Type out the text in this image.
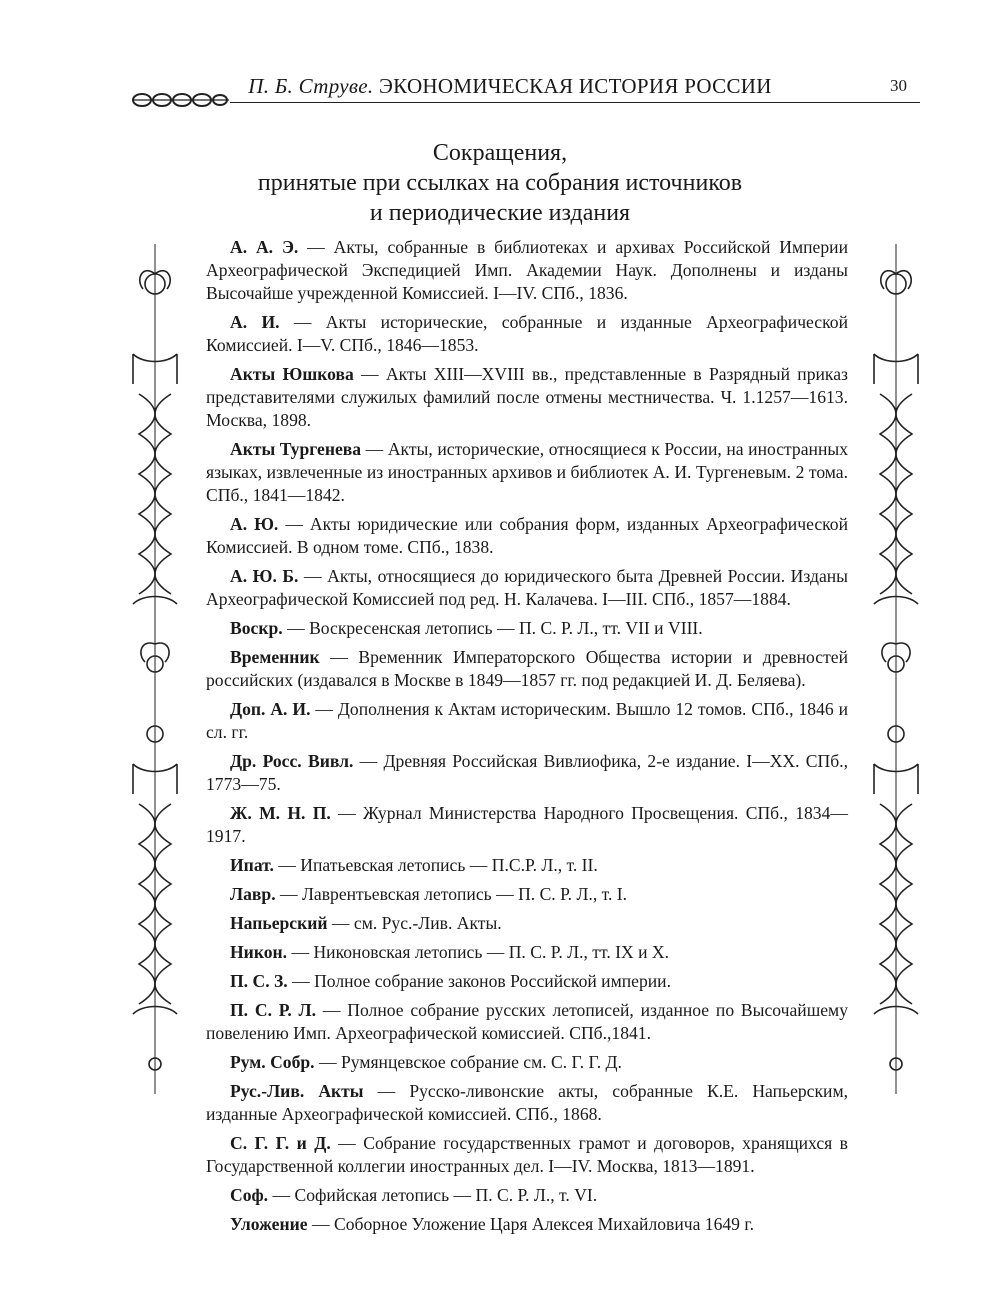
П. Б. Струве. ЭКОНОМИЧЕСКАЯ ИСТОРИЯ РОССИИ	30
Сокращения,
принятые при ссылках на собрания источников
и периодические издания

А. А. Э. — Акты, собранные в библиотеках и архивах Российской Империи Археографической Экспедицией Имп. Академии Наук. Дополнены и изданы Высочайше учрежденной Комиссией. I—IV. СПб., 1836.

А. И. — Акты исторические, собранные и изданные Археографической Комиссией. I—V. СПб., 1846—1853.

Акты Юшкова — Акты XIII—XVIII вв., представленные в Разрядный приказ представителями служилых фамилий после отмены местничества. Ч. 1.1257—1613. Москва, 1898.

Акты Тургенева — Акты, исторические, относящиеся к России, на иностранных языках, извлеченные из иностранных архивов и библиотек А. И. Тургеневым. 2 тома. СПб., 1841—1842.

А. Ю. — Акты юридические или собрания форм, изданных Археографической Комиссией. В одном томе. СПб., 1838.

А. Ю. Б. — Акты, относящиеся до юридического быта Древней России. Изданы Археографической Комиссией под ред. Н. Калачева. I—III. СПб., 1857—1884.

Воскр. — Воскресенская летопись — П. С. Р. Л., тт. VII и VIII.

Временник — Временник Императорского Общества истории и древностей российских (издавался в Москве в 1849—1857 гг. под редакцией И. Д. Беляева).

Доп. А. И. — Дополнения к Актам историческим. Вышло 12 томов. СПб., 1846 и сл. гг.

Др. Росс. Вивл. — Древняя Российская Вивлиофика, 2-е издание. I—XX. СПб., 1773—75.

Ж. М. Н. П. — Журнал Министерства Народного Просвещения. СПб., 1834—1917.

Ипат. — Ипатьевская летопись — П.С.Р. Л., т. II.

Лавр. — Лаврентьевская летопись — П. С. Р. Л., т. I.

Напьерский — см. Рус.-Лив. Акты.

Никон. — Никоновская летопись — П. С. Р. Л., тт. IX и X.

П. С. З. — Полное собрание законов Российской империи.

П. С. Р. Л. — Полное собрание русских летописей, изданное по Высочайшему повелению Имп. Археографической комиссией. СПб.,1841.

Рум. Собр. — Румянцевское собрание см. С. Г. Г. Д.

Рус.-Лив. Акты — Русско-ливонские акты, собранные К.Е. Напьерским, изданные Археографической комиссией. СПб., 1868.

С. Г. Г. и Д. — Собрание государственных грамот и договоров, хранящихся в Государственной коллегии иностранных дел. I—IV. Москва, 1813—1891.

Соф. — Софийская летопись — П. С. Р. Л., т. VI.

Уложение — Соборное Уложение Царя Алексея Михайловича 1649 г.
